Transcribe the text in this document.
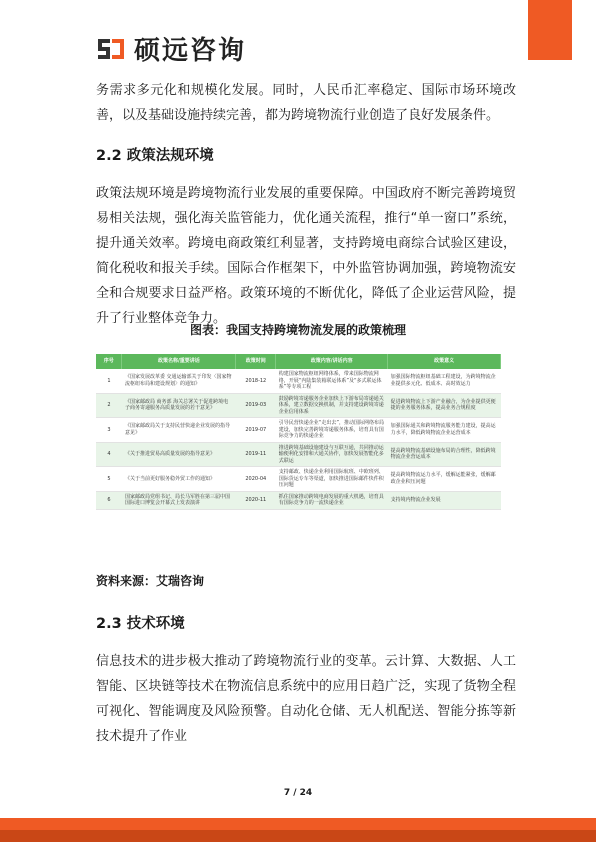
硕远咨询

务需求多元化和规模化发展。同时，人民币汇率稳定、国际市场环境改善，以及基础设施持续完善，都为跨境物流行业创造了良好发展条件。

2.2 政策法规环境

政策法规环境是跨境物流行业发展的重要保障。中国政府不断完善跨境贸易相关法规，强化海关监管能力，优化通关流程，推行“单一窗口”系统，提升通关效率。跨境电商政策红利显著，支持跨境电商综合试验区建设，简化税收和报关手续。国际合作框架下，中外监管协调加强，跨境物流安全和合规要求日益严格。政策环境的不断优化，降低了企业运营风险，提升了行业整体竞争力。

图表：我国支持跨境物流发展的政策梳理
序号	政策名称/重要讲话	政策时间	政策内容/讲话内容	政策意义
1	《国家发展改革委 交通运输部关于印发〈国家物流枢纽布局和建设规划〉的通知》	2018-12	构建国家物流枢纽网络体系，带来国际物流网络，开展“内陆集装箱联运体系”及“多式联运体系”等专项工程	加强国际物流枢纽基础工程建设，为跨境物流企业提供多元化、低成本、高时效运力
2	《国家邮政局 商务部 海关总署关于促进跨境电子商务寄递服务高质量发展的若干意见》	2019-03	鼓励跨境寄递服务企业加快上下游布局寄递通关体系，建立数据交换机制，并支持建设跨境寄递企业信用体系	促进跨境物流上下游产业融合，为企业提供更便捷的业务服务体系，提高业务合规程度
3	《国家邮政局关于支持民营快递企业发展的指导意见》	2019-07	引导民营快递企业“走出去”，推动国际网络布局建设，加快完善跨境寄递服务体系，培育具有国际竞争力的快递企业	加强国际通关和跨境物流服务能力建设，提高运力水平，降低跨境物流企业运营成本
4	《关于推进贸易高质量发展的指导意见》	2019-11	推进跨境基础设施建设与互联互通，共同推动运输便利化安排和大通关协作，加快发展智能化多式联运	提高跨境物流基础设施布局的合理性，降低跨境物流企业营运成本
5	《关于当前更好服务稳外贸工作的通知》	2020-04	支持邮政、快递企业利用国际航班、中欧班列、国际货运专车等渠道，加快推进国际邮件快件积压问题	提高跨境物流运力水平，缓解运能紧张，缓解邮政企业积压问题
6	国家邮政局党组书记、局长马军胜在第三届中国国际进口博览会开幕式上发表演讲	2020-11	抓住国家推动跨境电商发展的重大机遇，培育具有国际竞争力的一流快递企业	支持境内物流企业发展
资料来源：艾瑞咨询
2.3 技术环境

信息技术的进步极大推动了跨境物流行业的变革。云计算、大数据、人工智能、区块链等技术在物流信息系统中的应用日趋广泛，实现了货物全程可视化、智能调度及风险预警。自动化仓储、无人机配送、智能分拣等新技术提升了作业

7 / 24
